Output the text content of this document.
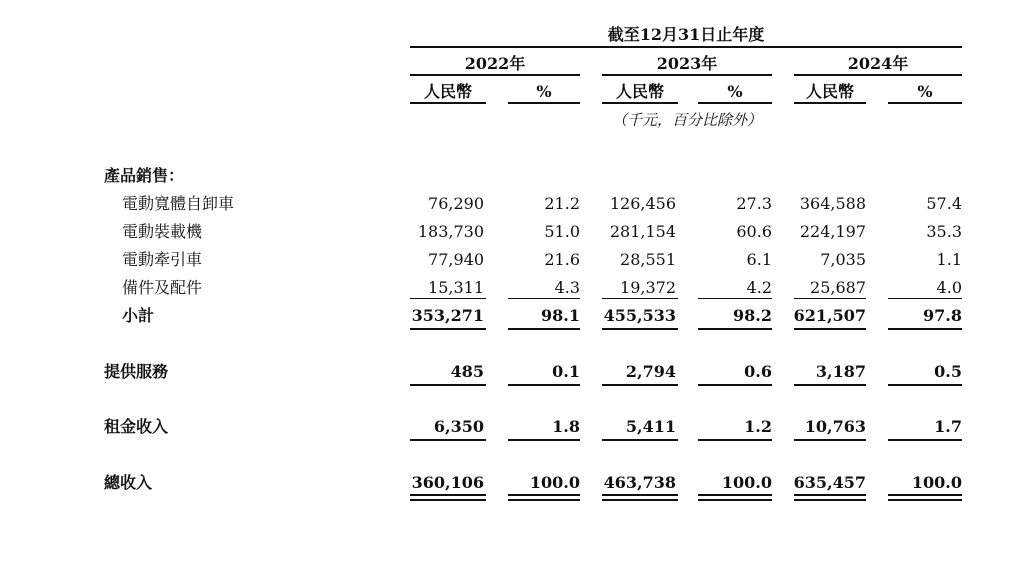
截至12月31日止年度
2022年	2023年	2024年
人民幣	%	人民幣	%	人民幣	%
（千元，百分比除外）
產品銷售：
電動寬體自卸車	76,290	21.2	126,456	27.3	364,588	57.4
電動裝載機	183,730	51.0	281,154	60.6	224,197	35.3
電動牽引車	77,940	21.6	28,551	6.1	7,035	1.1
備件及配件	15,311	4.3	19,372	4.2	25,687	4.0
小計	353,271	98.1	455,533	98.2	621,507	97.8
提供服務	485	0.1	2,794	0.6	3,187	0.5
租金收入	6,350	1.8	5,411	1.2	10,763	1.7
總收入	360,106	100.0	463,738	100.0	635,457	100.0
